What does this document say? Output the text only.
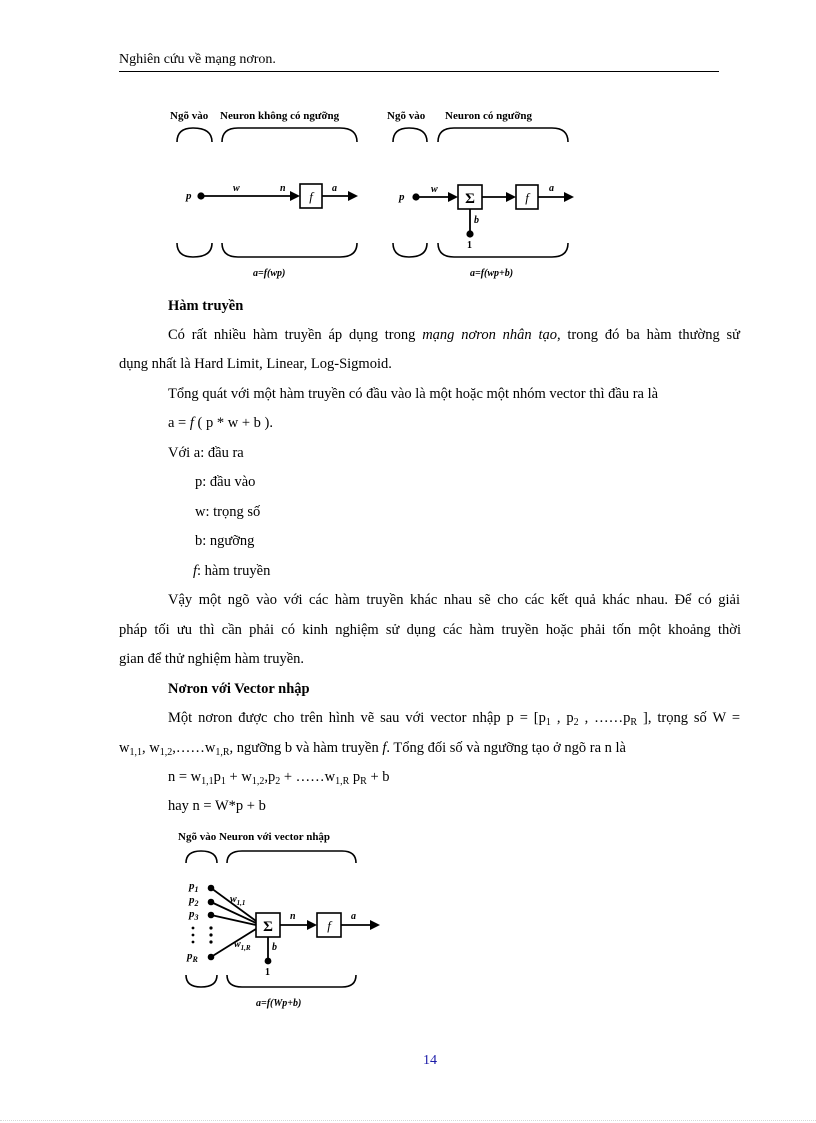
Nghiên cứu về mạng nơron.
Ngõ vào Neuron không có ngưỡng
p
w	n
f
a
a=f(wp)
Ngõ vào Neuron có ngưỡng
p
w
Σ	f
a
b
1
a=f(wp+b)
Hàm truyền
Có rất nhiều hàm truyền áp dụng trong mạng nơron nhân tạo, trong đó ba hàm thường sử
dụng nhất là Hard Limit, Linear, Log-Sigmoid.
Tổng quát với một hàm truyền có đầu vào là một hoặc một nhóm vector thì đầu ra là
a = f ( p * w + b ).
Với a: đầu ra
p: đầu vào
w: trọng số
b: ngưỡng
f: hàm truyền
Vậy một ngõ vào với các hàm truyền khác nhau sẽ cho các kết quả khác nhau. Để có giải
pháp tối ưu thì cần phải có kinh nghiệm sử dụng các hàm truyền hoặc phải tốn một khoảng thời
gian để thử nghiệm hàm truyền.
Nơron với Vector nhập
Một nơron được cho trên hình vẽ sau với vector nhập $p = [p_1$ , $p_2$ , $\dots\dots p_R$ ], trọng số W =
$w_{1,1}$, $w_{1,2},\dots\dots w_{1,R}$, ngưỡng b và hàm truyền f. Tổng đối số và ngưỡng tạo ở ngõ ra n là
$n = w_{1,1}p_1 + w_{1,2},p_2$ + $\dots\dots w_{1,R}$ $p_R + b$
hay n = W*p + b
Ngõ vào Neuron với vector nhập
$p_1$
$p_2$
$p_3$
$p_R$
$w_{1,1}$
$w_{1,R}$
Σ
n
f
a
b
1
a=f(Wp+b)
14
